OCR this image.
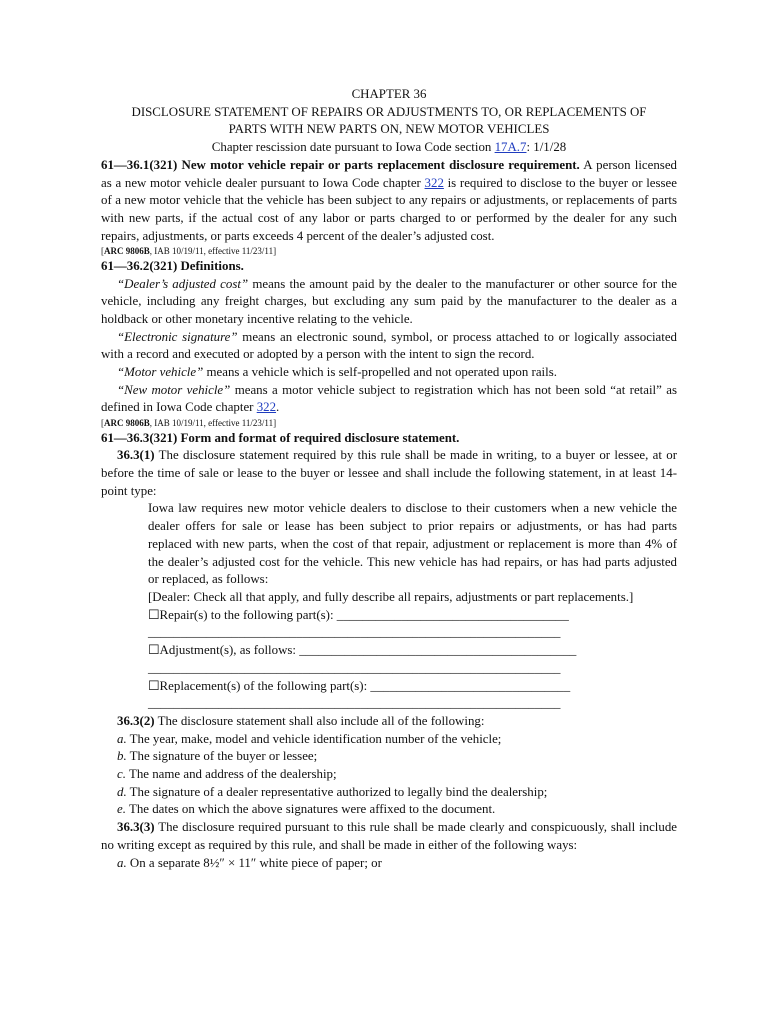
CHAPTER 36
DISCLOSURE STATEMENT OF REPAIRS OR ADJUSTMENTS TO, OR REPLACEMENTS OF
PARTS WITH NEW PARTS ON, NEW MOTOR VEHICLES
Chapter rescission date pursuant to Iowa Code section 17A.7: 1/1/28
61—36.1(321) New motor vehicle repair or parts replacement disclosure requirement. A person licensed as a new motor vehicle dealer pursuant to Iowa Code chapter 322 is required to disclose to the buyer or lessee of a new motor vehicle that the vehicle has been subject to any repairs or adjustments, or replacements of parts with new parts, if the actual cost of any labor or parts charged to or performed by the dealer for any such repairs, adjustments, or parts exceeds 4 percent of the dealer’s adjusted cost.
[ARC 9806B, IAB 10/19/11, effective 11/23/11]
61—36.2(321) Definitions.
“Dealer’s adjusted cost” means the amount paid by the dealer to the manufacturer or other source for the vehicle, including any freight charges, but excluding any sum paid by the manufacturer to the dealer as a holdback or other monetary incentive relating to the vehicle.
“Electronic signature” means an electronic sound, symbol, or process attached to or logically associated with a record and executed or adopted by a person with the intent to sign the record.
“Motor vehicle” means a vehicle which is self-propelled and not operated upon rails.
“New motor vehicle” means a motor vehicle subject to registration which has not been sold “at retail” as defined in Iowa Code chapter 322.
[ARC 9806B, IAB 10/19/11, effective 11/23/11]
61—36.3(321) Form and format of required disclosure statement.
36.3(1) The disclosure statement required by this rule shall be made in writing, to a buyer or lessee, at or before the time of sale or lease to the buyer or lessee and shall include the following statement, in at least 14-point type:
Iowa law requires new motor vehicle dealers to disclose to their customers when a new vehicle the dealer offers for sale or lease has been subject to prior repairs or adjustments, or has had parts replaced with new parts, when the cost of that repair, adjustment or replacement is more than 4% of the dealer’s adjusted cost for the vehicle. This new vehicle has had repairs, or has had parts adjusted or replaced, as follows:
[Dealer: Check all that apply, and fully describe all repairs, adjustments or part replacements.]
☐Repair(s) to the following part(s): ____________________________________
________________________________________________________________
☐Adjustment(s), as follows: ___________________________________________
________________________________________________________________
☐Replacement(s) of the following part(s): _______________________________
________________________________________________________________
36.3(2) The disclosure statement shall also include all of the following:
a. The year, make, model and vehicle identification number of the vehicle;
b. The signature of the buyer or lessee;
c. The name and address of the dealership;
d. The signature of a dealer representative authorized to legally bind the dealership;
e. The dates on which the above signatures were affixed to the document.
36.3(3) The disclosure required pursuant to this rule shall be made clearly and conspicuously, shall include no writing except as required by this rule, and shall be made in either of the following ways:
a. On a separate 8½″ × 11″ white piece of paper; or
